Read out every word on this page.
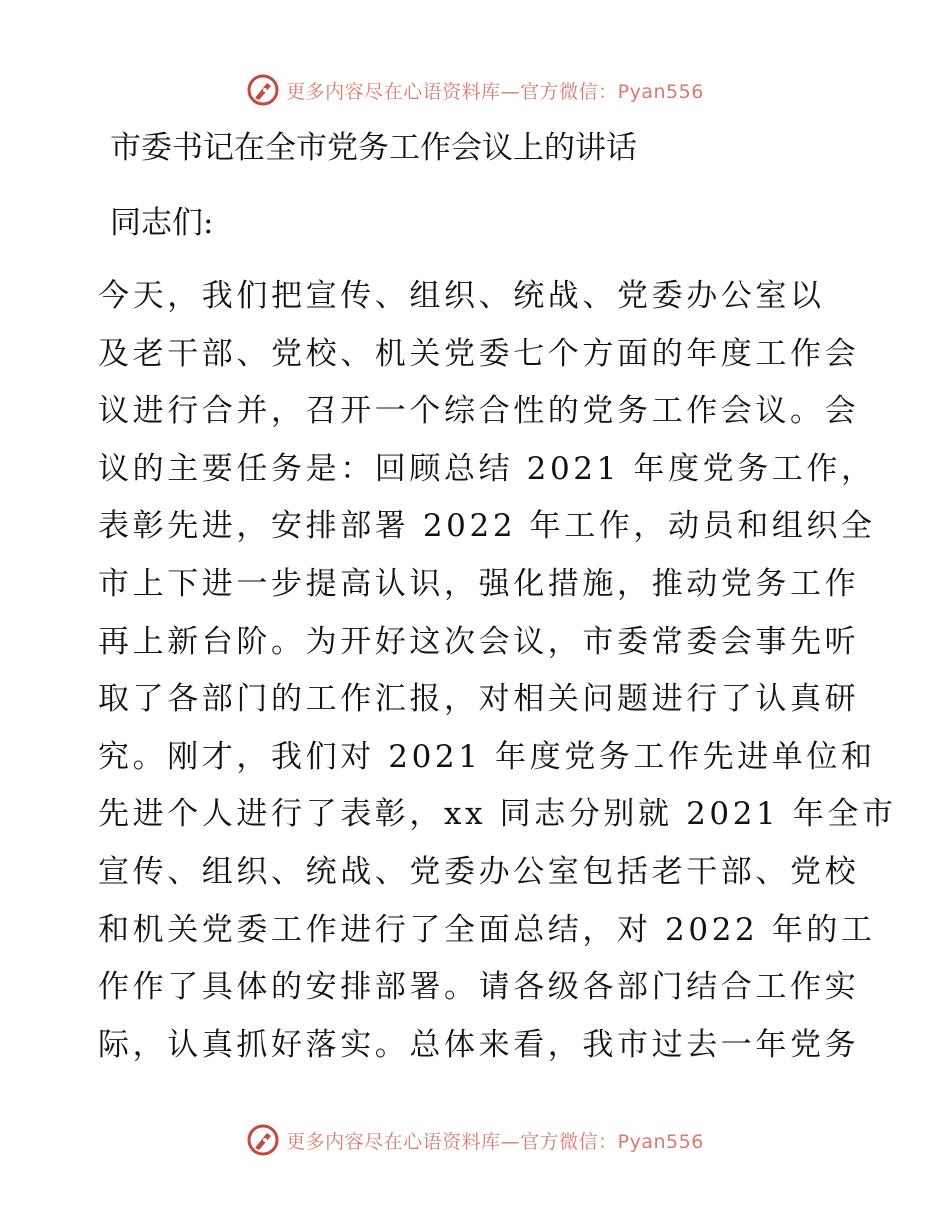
更多内容尽在心语资料库—官方微信：Pyan556
市委书记在全市党务工作会议上的讲话
同志们:
今天，我们把宣传、组织、统战、党委办公室以
及老干部、党校、机关党委七个方面的年度工作会
议进行合并，召开一个综合性的党务工作会议。会
议的主要任务是：回顾总结 2021 年度党务工作，
表彰先进，安排部署 2022 年工作，动员和组织全
市上下进一步提高认识，强化措施，推动党务工作
再上新台阶。为开好这次会议，市委常委会事先听
取了各部门的工作汇报，对相关问题进行了认真研
究。刚才，我们对 2021 年度党务工作先进单位和
先进个人进行了表彰，xx 同志分别就 2021 年全市
宣传、组织、统战、党委办公室包括老干部、党校
和机关党委工作进行了全面总结，对 2022 年的工
作作了具体的安排部署。请各级各部门结合工作实
际，认真抓好落实。总体来看，我市过去一年党务
更多内容尽在心语资料库—官方微信：Pyan556
